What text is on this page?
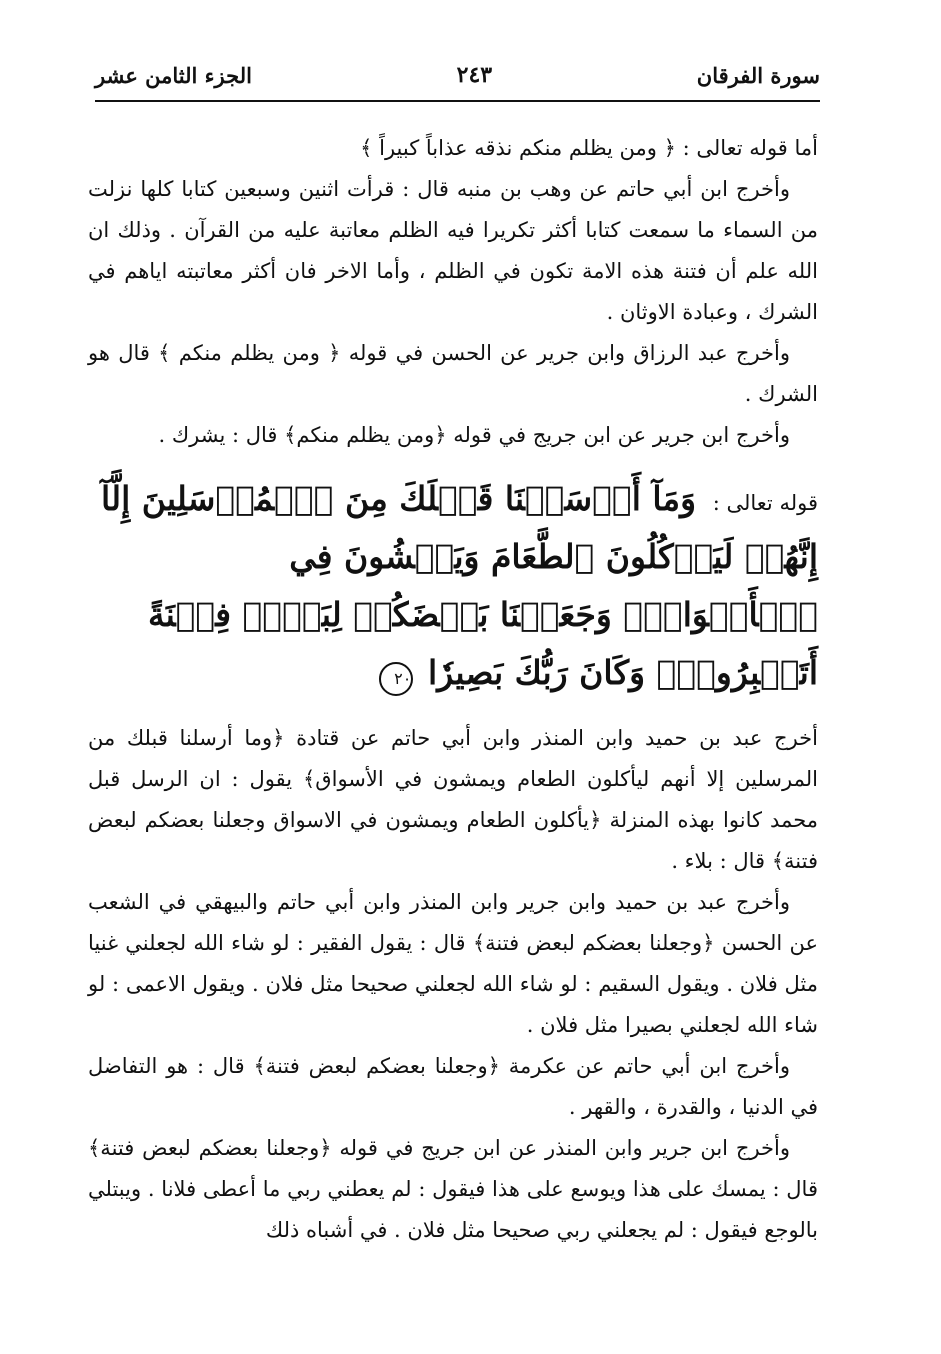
الجزء الثامن عشر	٢٤٣	سورة الفرقان

أما قوله تعالى : ﴿ ومن يظلم منكم نذقه عذاباً كبيراً ﴾

وأخرج ابن أبي حاتم عن وهب بن منبه قال : قرأت اثنين وسبعين كتابا كلها نزلت من السماء ما سمعت كتابا أكثر تكريرا فيه الظلم معاتبة عليه من القرآن . وذلك ان الله علم أن فتنة هذه الامة تكون في الظلم ، وأما الاخر فان أكثر معاتبته اياهم في الشرك ، وعبادة الاوثان .

وأخرج عبد الرزاق وابن جرير عن الحسن في قوله ﴿ ومن يظلم منكم ﴾ قال هو الشرك .

وأخرج ابن جرير عن ابن جريج في قوله ﴿ومن يظلم منكم﴾ قال : يشرك .

قوله تعالى : وَمَآ أَرۡسَلۡنَا قَبۡلَكَ مِنَ ٱلۡمُرۡسَلِينَ إِلَّآ إِنَّهُمۡ لَيَأۡكُلُونَ ٱلطَّعَامَ وَيَمۡشُونَ فِي ٱلۡأَسۡوَاقِۗ وَجَعَلۡنَا بَعۡضَكُمۡ لِبَعۡضٖ فِتۡنَةً أَتَصۡبِرُونَۗ وَكَانَ رَبُّكَ بَصِيرٗا ٢٠

أخرج عبد بن حميد وابن المنذر وابن أبي حاتم عن قتادة ﴿وما أرسلنا قبلك من المرسلين إلا أنهم ليأكلون الطعام ويمشون في الأسواق﴾ يقول : ان الرسل قبل محمد كانوا بهذه المنزلة ﴿يأكلون الطعام ويمشون في الاسواق وجعلنا بعضكم لبعض فتنة﴾ قال : بلاء .

وأخرج عبد بن حميد وابن جرير وابن المنذر وابن أبي حاتم والبيهقي في الشعب عن الحسن ﴿وجعلنا بعضكم لبعض فتنة﴾ قال : يقول الفقير : لو شاء الله لجعلني غنيا مثل فلان . ويقول السقيم : لو شاء الله لجعلني صحيحا مثل فلان . ويقول الاعمى : لو شاء الله لجعلني بصيرا مثل فلان .

وأخرج ابن أبي حاتم عن عكرمة ﴿وجعلنا بعضكم لبعض فتنة﴾ قال : هو التفاضل في الدنيا ، والقدرة ، والقهر .

وأخرج ابن جرير وابن المنذر عن ابن جريج في قوله ﴿وجعلنا بعضكم لبعض فتنة﴾ قال : يمسك على هذا ويوسع على هذا فيقول : لم يعطني ربي ما أعطى فلانا . ويبتلي بالوجع فيقول : لم يجعلني ربي صحيحا مثل فلان . في أشباه ذلك
